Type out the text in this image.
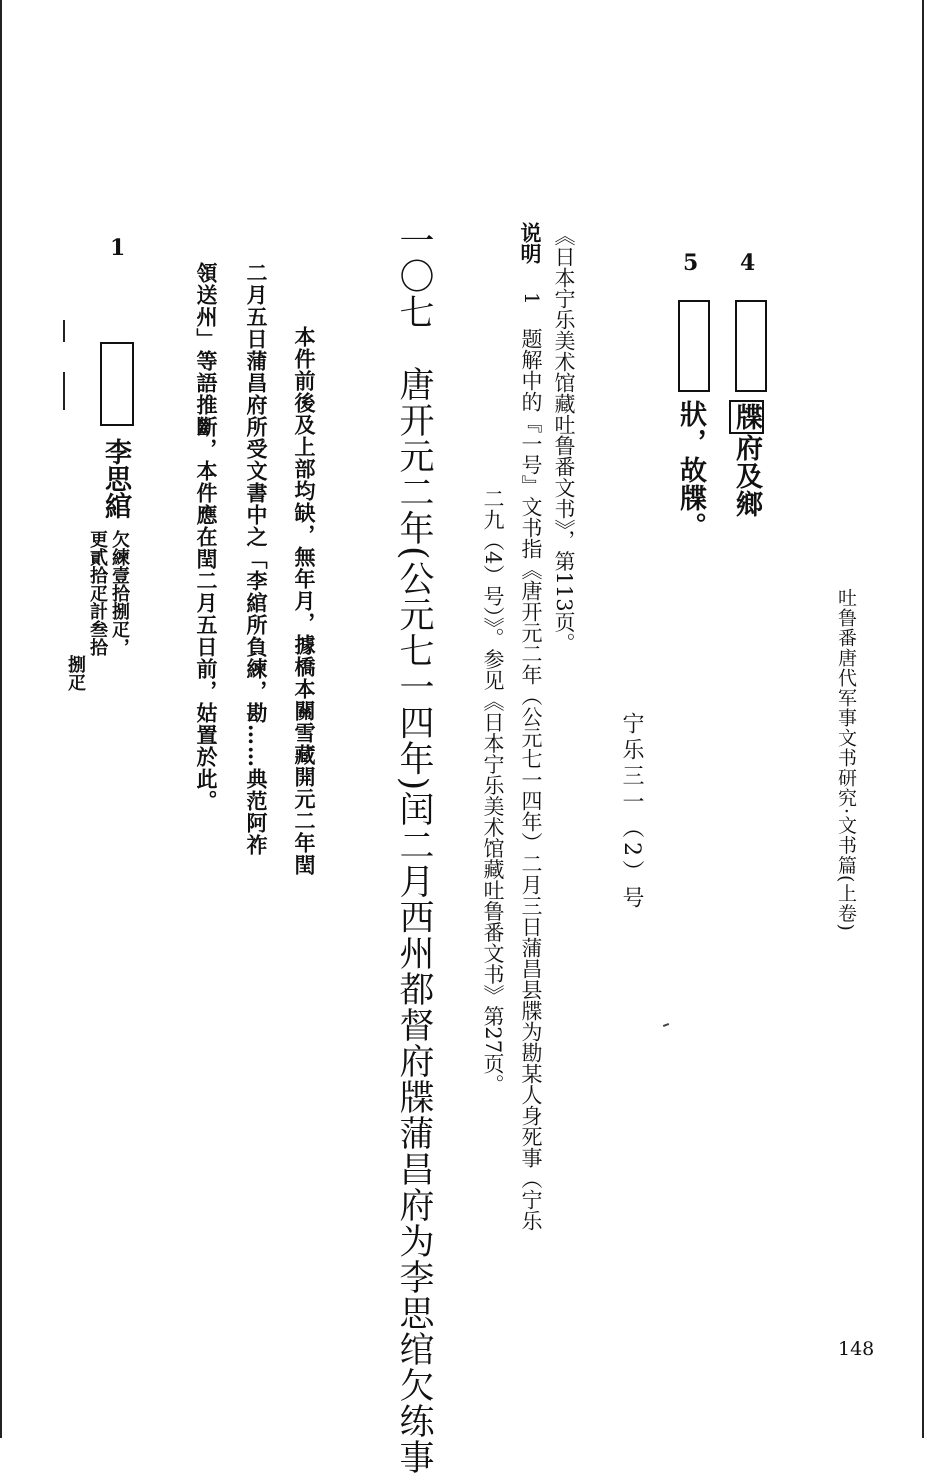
吐鲁番唐代军事文书研究·文书篇(上卷)
148
4
牒府及鄉
5
狀，故牒。
宁乐三一（2）号
《日本宁乐美术馆藏吐鲁番文书》，第113页。
说明
1
题解中的『一号』文书指《唐开元二年（公元七一四年）二月三日蒲昌县牒为勘某人身死事（宁乐
二九（4）号）》。参见《日本宁乐美术馆藏吐鲁番文书》第27页。
一〇七　唐开元二年(公元七一四年)闰二月西州都督府牒蒲昌府为李思绾欠练事
本件前後及上部均缺，無年月，據橋本關雪藏開元二年閏
二月五日蒲昌府所受文書中之「李綰所負練，勘……典范阿祚
領送州」等語推斷，本件應在閏二月五日前，姑置於此。
1
李思綰
欠練壹拾捌疋，
更貳拾疋計叁拾
捌疋
